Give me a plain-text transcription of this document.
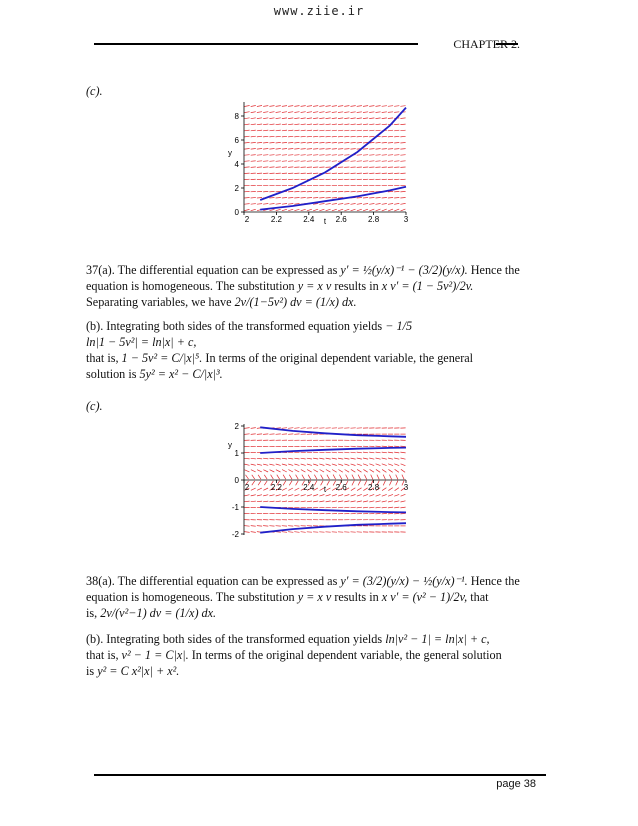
www.ziie.ir
CHAPTER 2.
(c).
0
2
4
6
8
2	2.2	2.4	2.6	2.8	3
t
y
37(a). The differential equation can be expressed as y′ = ½(y/x)⁻¹ − (3/2)(y/x). Hence the
equation is homogeneous. The substitution y = x v results in x v′ = (1 − 5v²)/2v.
Separating variables, we have 2v/(1−5v²) dv = (1/x) dx.
(b). Integrating both sides of the transformed equation yields − 1/5
ln|1 − 5v²| = ln|x| + c,
that is, 1 − 5v² = C/|x|⁵. In terms of the original dependent variable, the general
solution is 5y² = x² − C/|x|³.
(c).
-2
-1
0
1
2
2	2.2	2.4	2.6	2.8	3
t
y
38(a). The differential equation can be expressed as y′ = (3/2)(y/x) − ½(y/x)⁻¹. Hence the
equation is homogeneous. The substitution y = x v results in x v′ = (v² − 1)/2v, that
is, 2v/(v²−1) dv = (1/x) dx.
(b). Integrating both sides of the transformed equation yields ln|v² − 1| = ln|x| + c,
that is, v² − 1 = C|x|. In terms of the original dependent variable, the general solution
is y² = C x²|x| + x².
page 38
